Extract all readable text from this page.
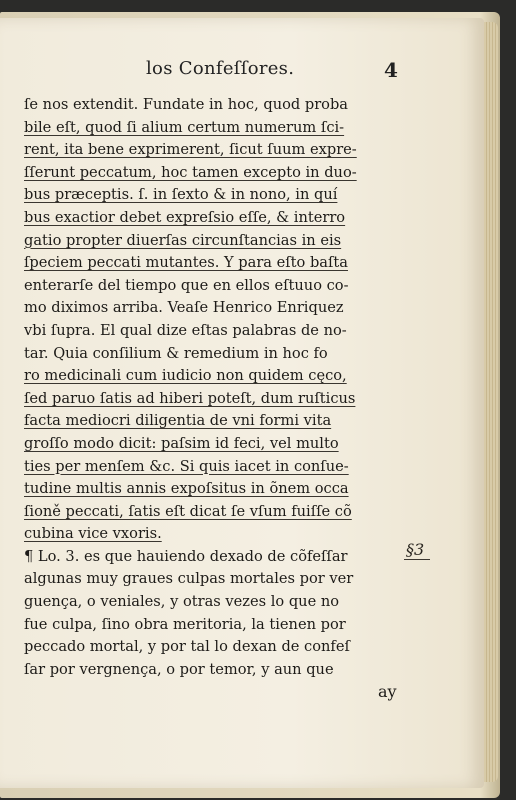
los Confeſſores.	4
ſe nos extendit. Fundate in hoc, quod proba
bile eſt, quod ſi alium certum numerum ſci-
rent, ita bene exprimerent, ſicut ſuum expre-
ſſerunt peccatum, hoc tamen excepto in duo-
bus præceptis. ſ. in ſexto & in nono, in quí
bus exactior debet expreſsio eſſe, & interro
gatio propter diuerſas circunſtancias in eis
ſpeciem peccati mutantes. Y para eſto baſta
enterarſe del tiempo que en ellos eſtuuo co-
mo diximos arriba. Veaſe Henrico Enriquez
vbi ſupra. El qual dize eſtas palabras de no-
tar. Quia conſilium & remedium in hoc fo
ro medicinali cum iudicio non quidem cęco,
ſed paruo ſatis ad hiberi poteſt, dum ruſticus
facta mediocri diligentia de vni formi vita
groſſo modo dicit: paſsim id feci, vel multo
ties per menſem &c. Si quis iacet in conſue-
tudine multis annis expoſsitus in õnem occa
ſioně peccati, ſatis eſt dicat ſe vſum fuiſſe cõ
cubina vice vxoris.
¶ Lo. 3. es que hauiendo dexado de cõfeſſar
algunas muy graues culpas mortales por ver
guença, o veniales, y otras vezes lo que no
fue culpa, ſino obra meritoria, la tienen por
peccado mortal, y por tal lo dexan de confeſ
ſar por vergnença, o por temor, y aun que
§3
ay
